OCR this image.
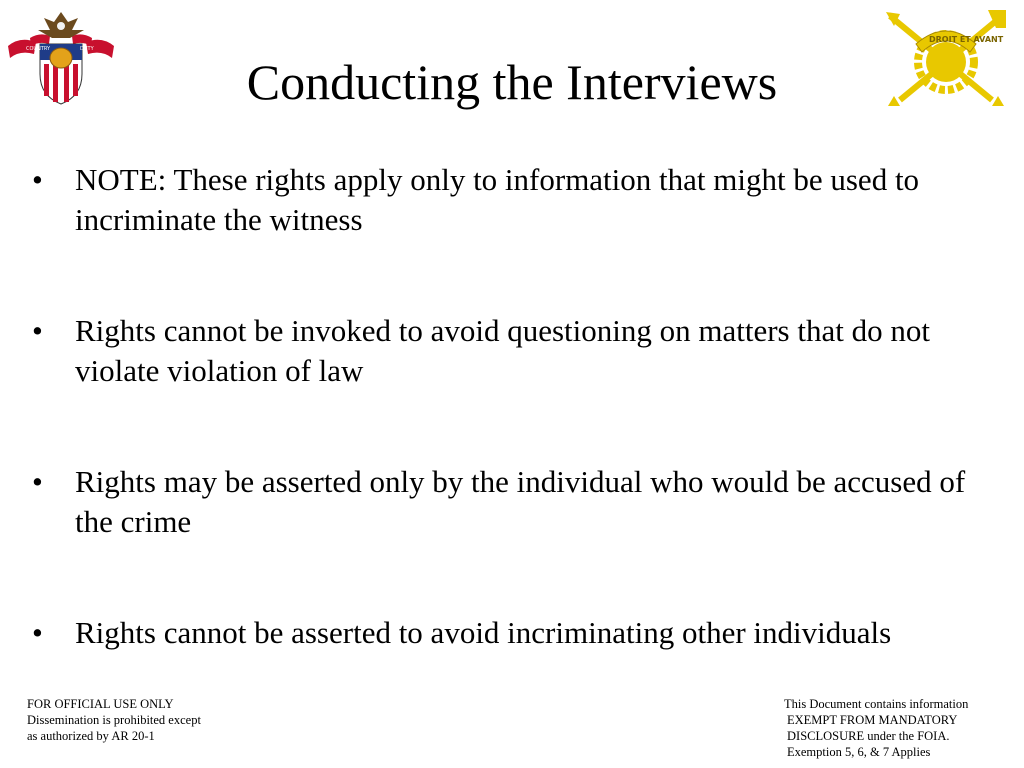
COUNTRY	DUTY
DROIT ET AVANT
Conducting the Interviews
• NOTE: These rights apply only to information that might be used to incriminate the witness
• Rights cannot be invoked to avoid questioning on matters that do not violate violation of law
• Rights may be asserted only by the individual who would be accused of the crime
• Rights cannot be asserted to avoid incriminating other individuals
FOR OFFICIAL USE ONLY
Dissemination is prohibited except
as authorized by AR 20-1
This Document contains information
EXEMPT FROM MANDATORY
DISCLOSURE under the FOIA.
Exemption 5, 6, & 7 Applies
